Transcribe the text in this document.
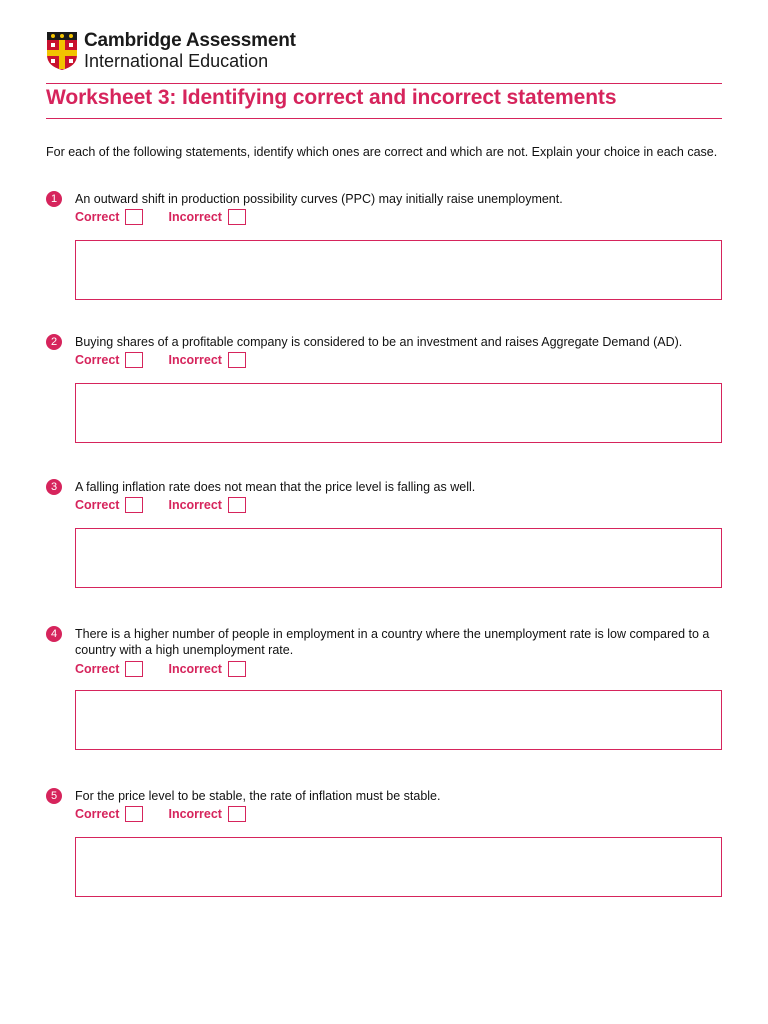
Cambridge Assessment
International Education
Worksheet 3: Identifying correct and incorrect statements
For each of the following statements, identify which ones are correct and which are not. Explain your choice in each case.
1	An outward shift in production possibility curves (PPC) may initially raise unemployment.
Correct	Incorrect
2	Buying shares of a profitable company is considered to be an investment and raises Aggregate Demand (AD).
Correct	Incorrect
3	A falling inflation rate does not mean that the price level is falling as well.
Correct	Incorrect
4	There is a higher number of people in employment in a country where the unemployment rate is low compared to a country with a high unemployment rate.
Correct	Incorrect
5	For the price level to be stable, the rate of inflation must be stable.
Correct	Incorrect
